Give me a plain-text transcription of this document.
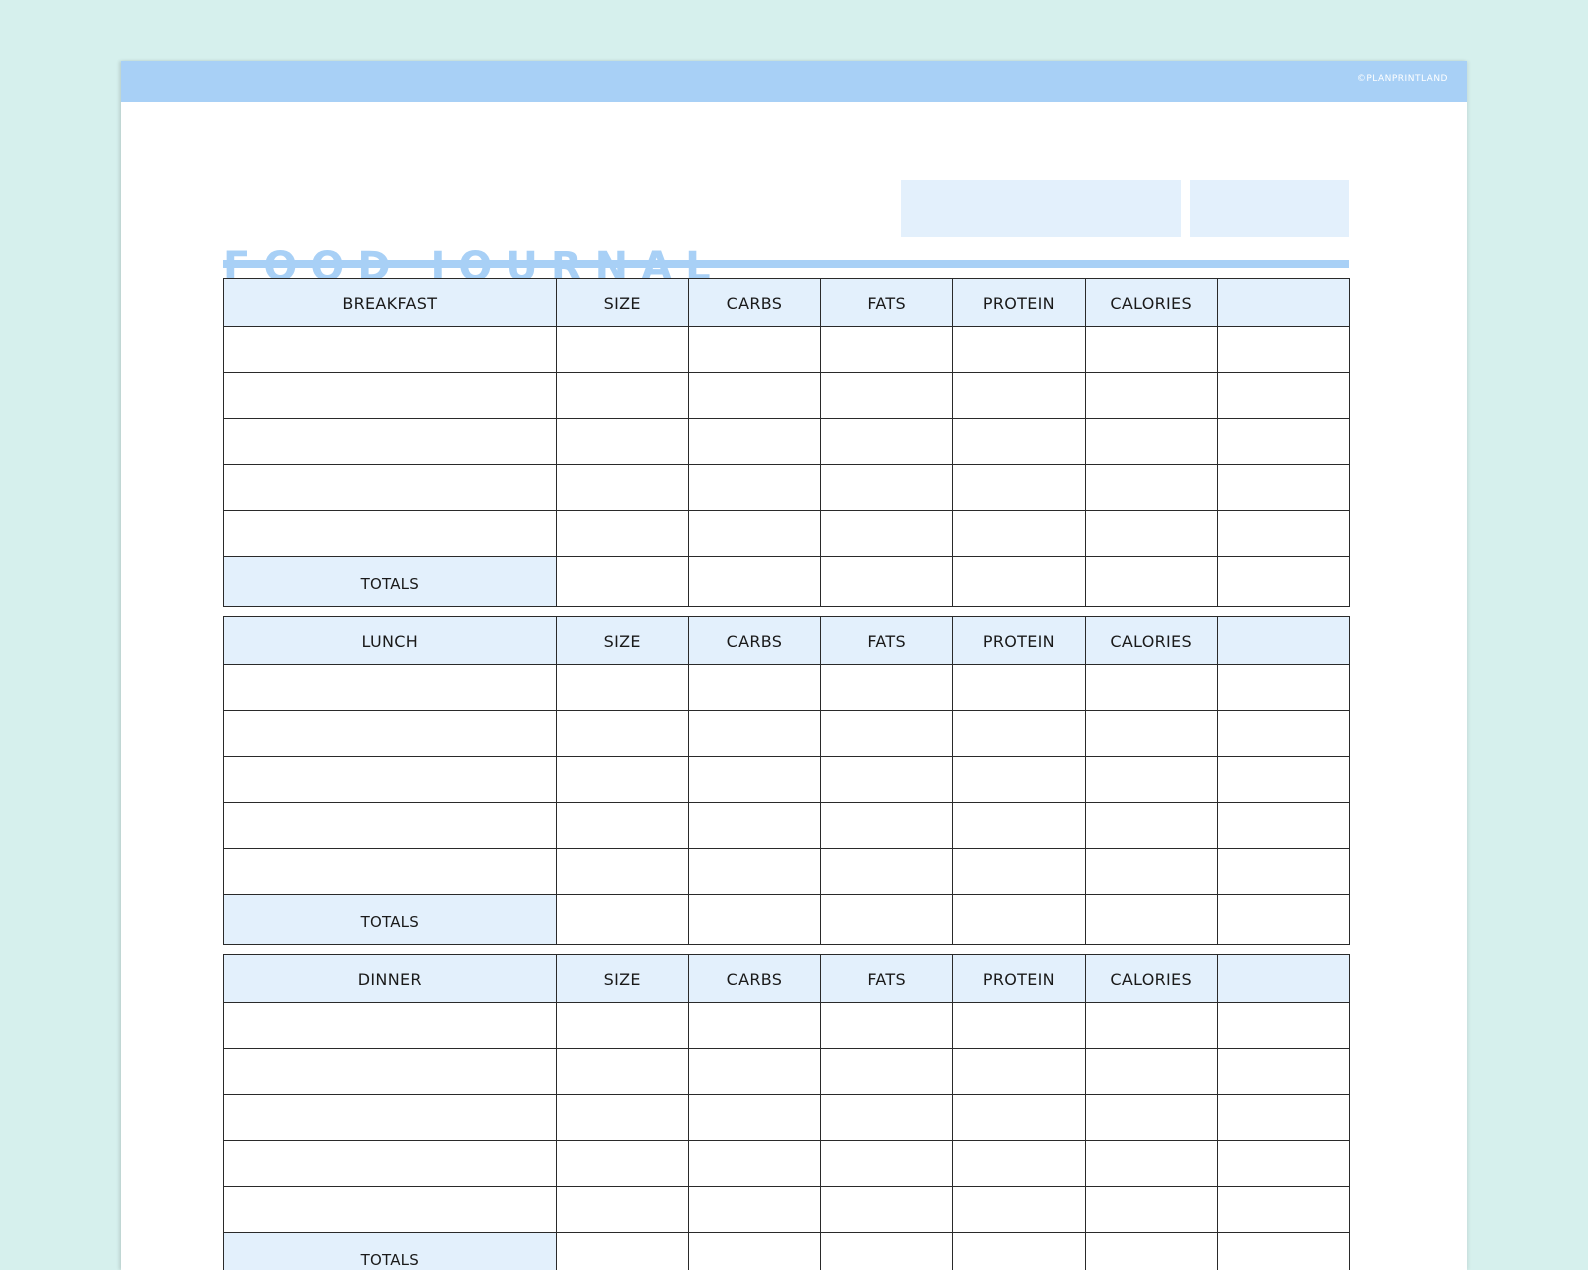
©PLANPRINTLAND
BREAKFAST	SIZE	CARBS	FATS	PROTEIN	CALORIES	

TOTALS						
LUNCH	SIZE	CARBS	FATS	PROTEIN	CALORIES	

TOTALS						
DINNER	SIZE	CARBS	FATS	PROTEIN	CALORIES	

TOTALS						
